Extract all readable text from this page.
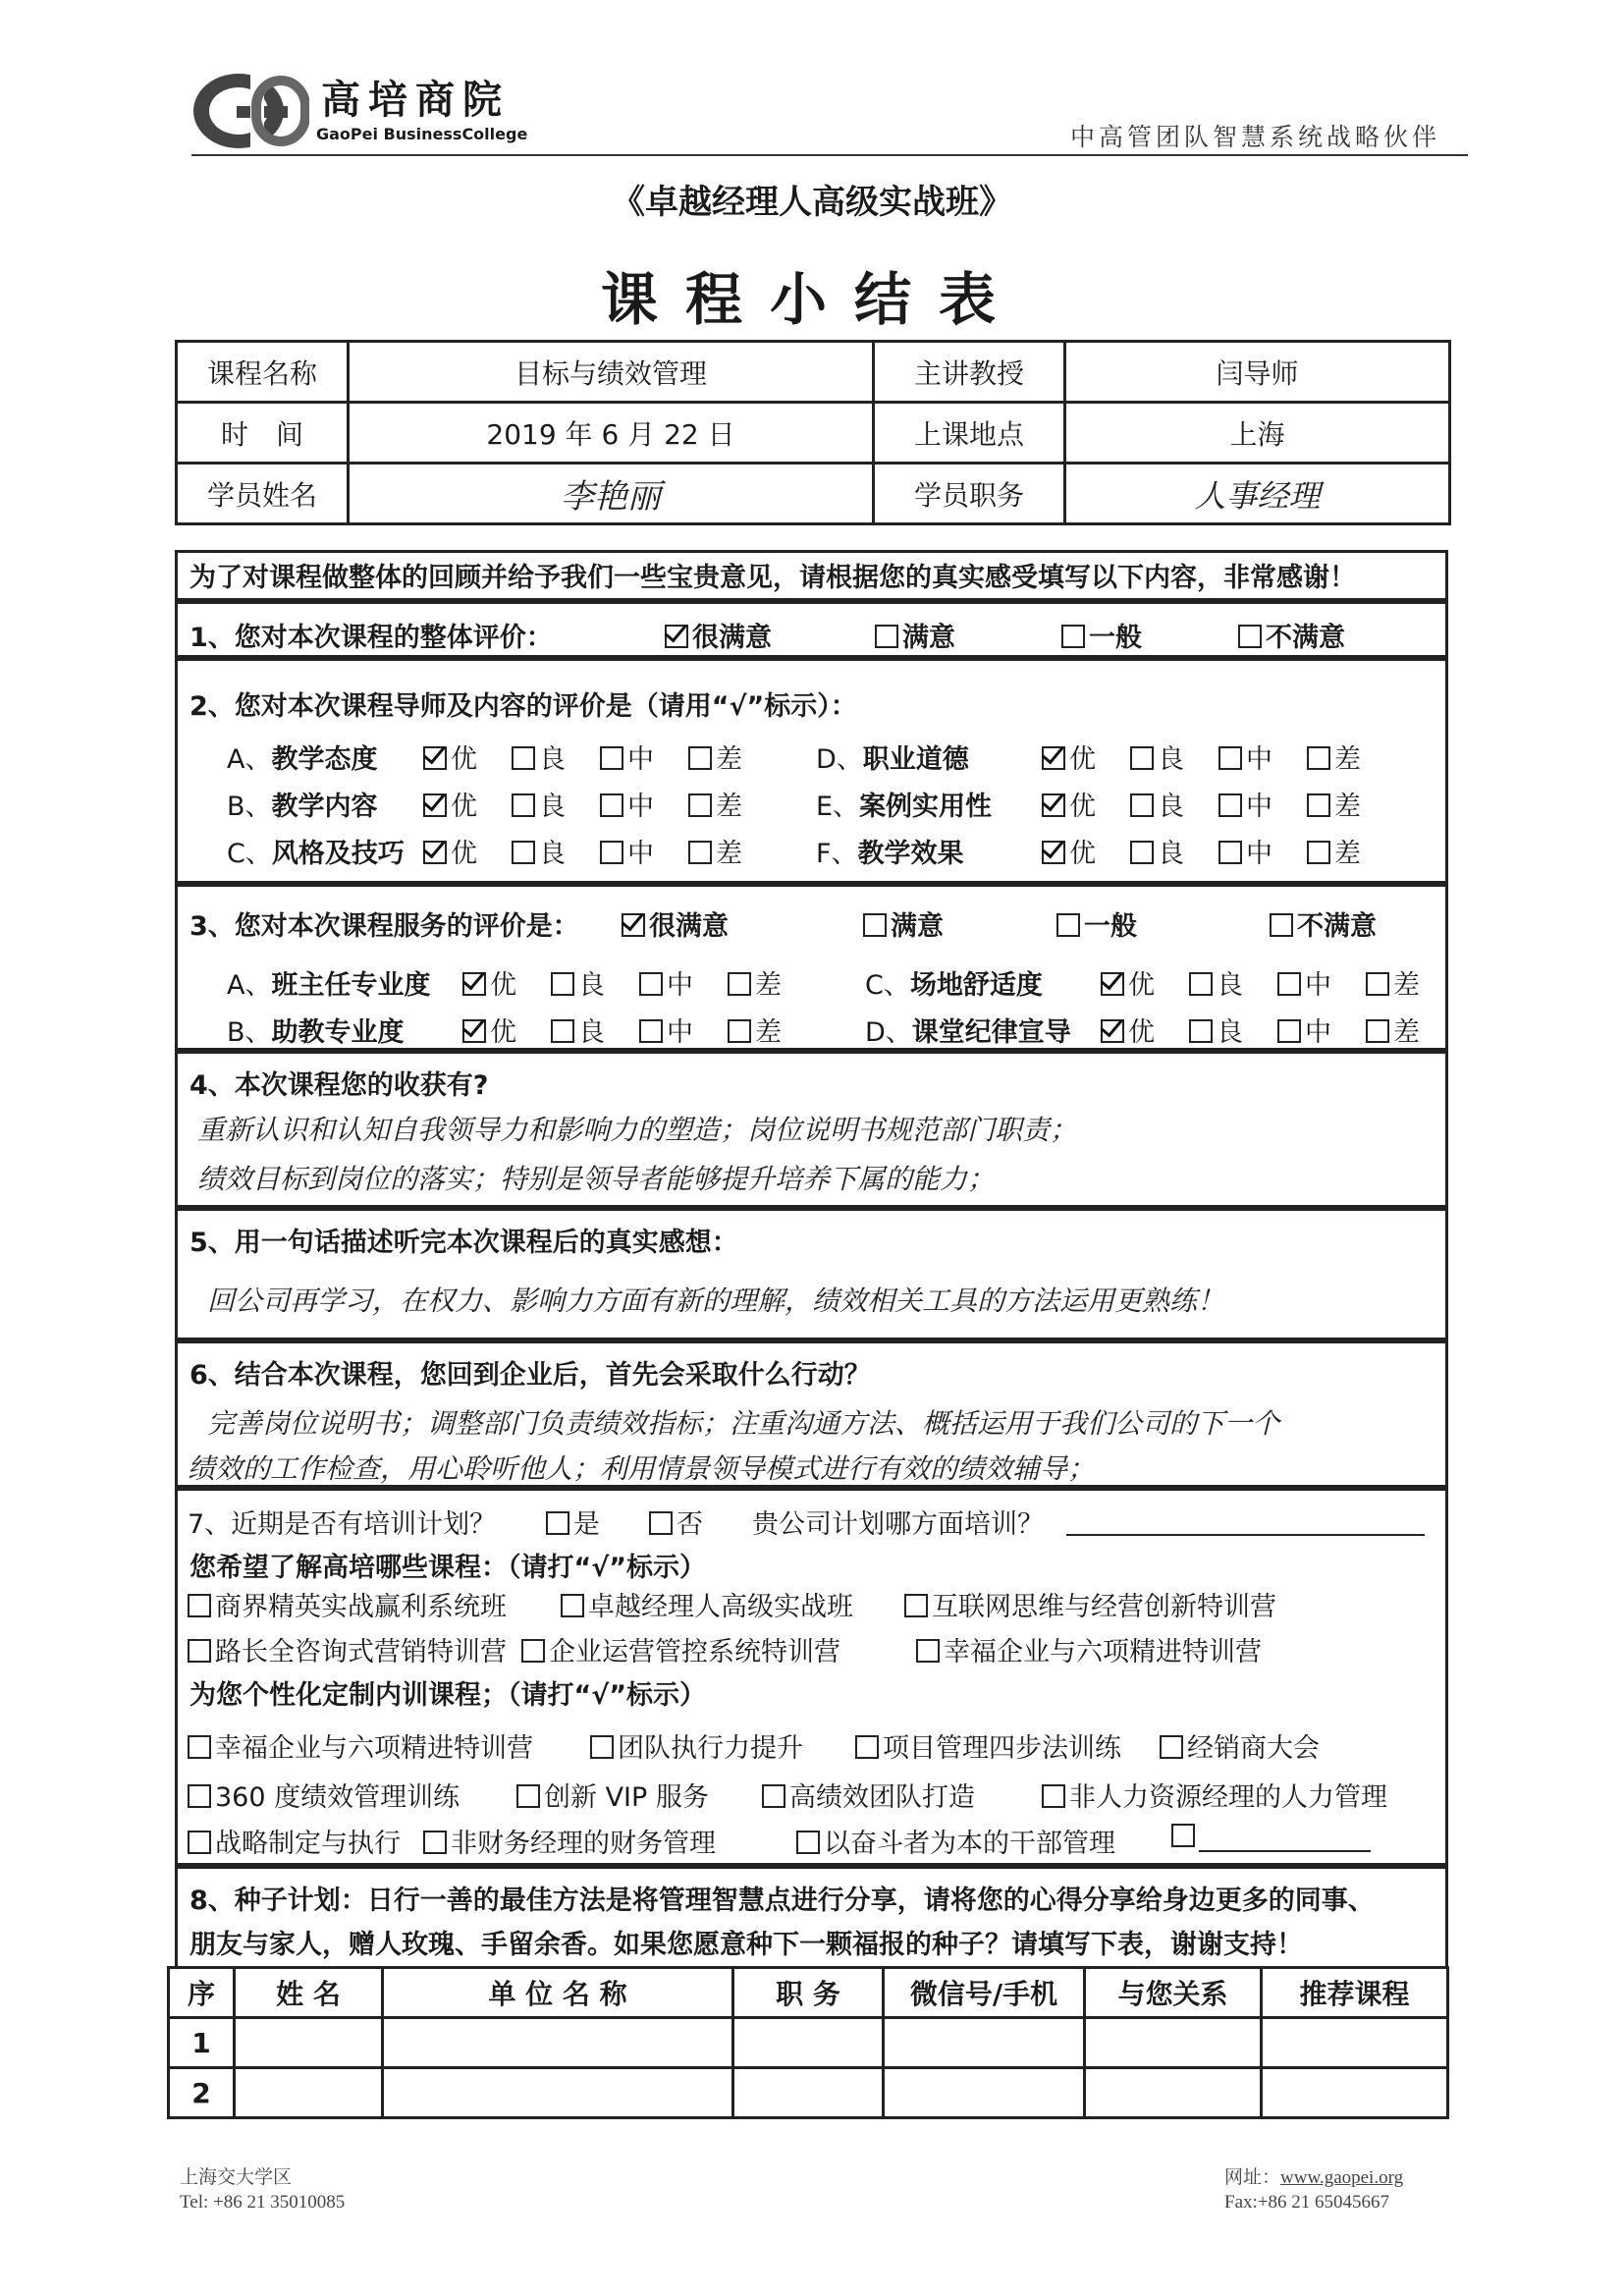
高培商院
GaoPei BusinessCollege	中高管团队智慧系统战略伙伴
《卓越经理人高级实战班》
课程小结表
课程名称	目标与绩效管理	主讲教授	闫导师
时　间	2019 年 6 月 22 日	上课地点	上海
学员姓名	李艳丽	学员职务	人事经理
为了对课程做整体的回顾并给予我们一些宝贵意见，请根据您的真实感受填写以下内容，非常感谢！
1、您对本次课程的整体评价：	很满意	满意	一般	不满意
2、您对本次课程导师及内容的评价是（请用“√”标示）：
A、教学态度	优	良	中	差
B、教学内容	优	良	中	差
C、风格及技巧	优	良	中	差
D、职业道德	优	良	中	差
E、案例实用性	优	良	中	差
F、教学效果	优	良	中	差
3、您对本次课程服务的评价是：	很满意	满意	一般	不满意
A、班主任专业度	优	良	中	差
B、助教专业度	优	良	中	差
C、场地舒适度	优	良	中	差
D、课堂纪律宣导	优	良	中	差
4、本次课程您的收获有?
重新认识和认知自我领导力和影响力的塑造；岗位说明书规范部门职责；
绩效目标到岗位的落实；特别是领导者能够提升培养下属的能力；
5、用一句话描述听完本次课程后的真实感想：
回公司再学习，在权力、影响力方面有新的理解，绩效相关工具的方法运用更熟练！
6、结合本次课程，您回到企业后，首先会采取什么行动？
完善岗位说明书；调整部门负责绩效指标；注重沟通方法、概括运用于我们公司的下一个
绩效的工作检查，用心聆听他人；利用情景领导模式进行有效的绩效辅导；
7、近期是否有培训计划？	是	否 贵公司计划哪方面培训？
您希望了解高培哪些课程：（请打“√”标示）
商界精英实战赢利系统班	卓越经理人高级实战班	互联网思维与经营创新特训营
路长全咨询式营销特训营	企业运营管控系统特训营	幸福企业与六项精进特训营
为您个性化定制内训课程；（请打“√”标示）
幸福企业与六项精进特训营	团队执行力提升	项目管理四步法训练	经销商大会
360 度绩效管理训练	创新 VIP 服务	高绩效团队打造	非人力资源经理的人力管理
战略制定与执行	非财务经理的财务管理	以奋斗者为本的干部管理
8、种子计划：日行一善的最佳方法是将管理智慧点进行分享，请将您的心得分享给身边更多的同事、
朋友与家人，赠人玫瑰、手留余香。如果您愿意种下一颗福报的种子？请填写下表，谢谢支持！
序	姓 名	单 位 名 称	职 务	微信号/手机	与您关系	推荐课程
1						
2						
上海交大学区
Tel: +86 21 35010085
网址：www.gaopei.org
Fax:+86 21 65045667
